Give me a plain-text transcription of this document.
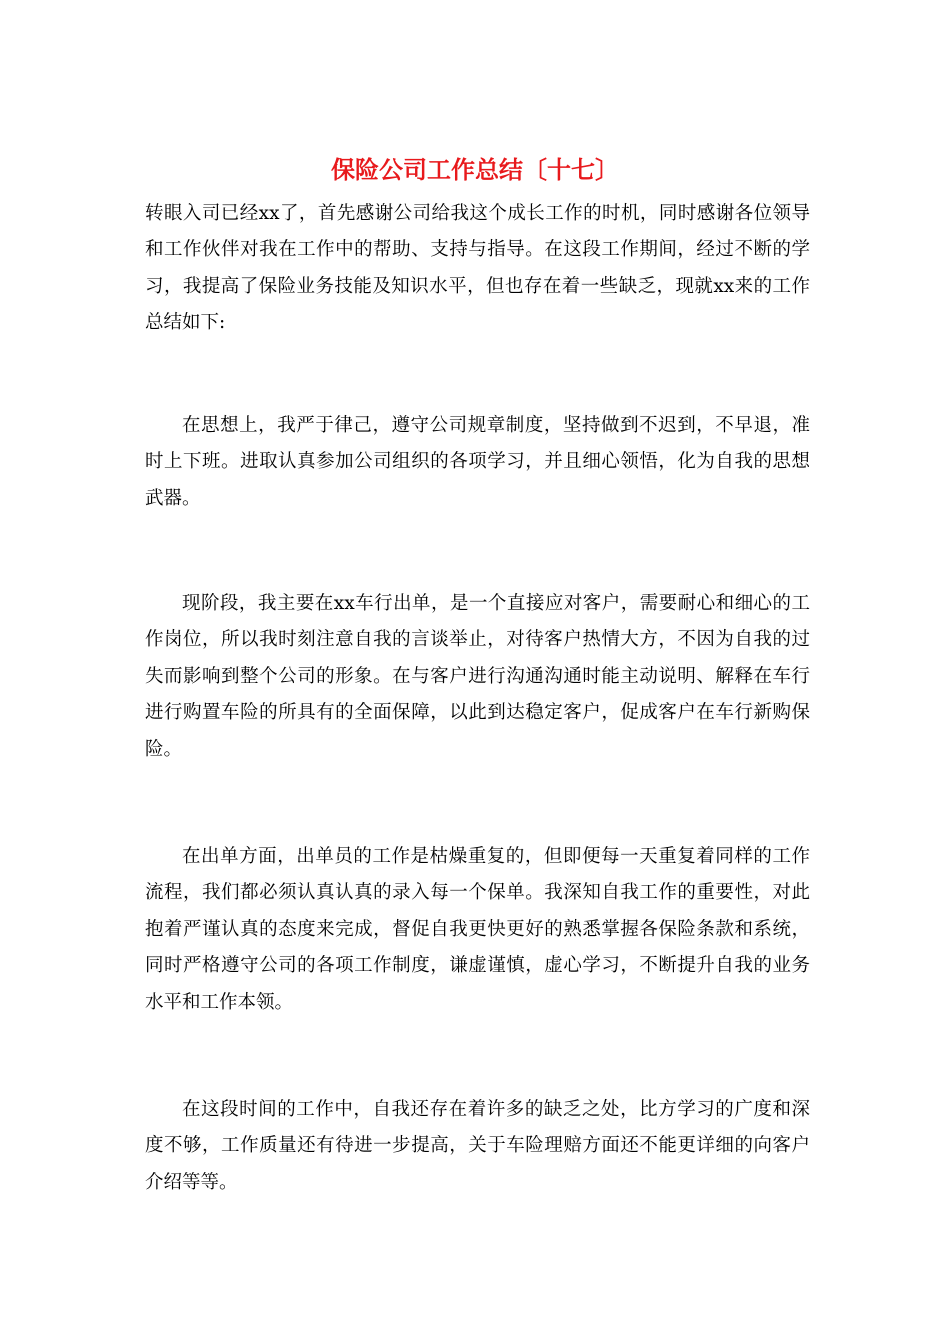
保险公司工作总结〔十七〕

转眼入司已经xx了，首先感谢公司给我这个成长工作的时机，同时感谢各位领导和工作伙伴对我在工作中的帮助、支持与指导。在这段工作期间，经过不断的学习，我提高了保险业务技能及知识水平，但也存在着一些缺乏，现就xx来的工作总结如下:

在思想上，我严于律己，遵守公司规章制度，坚持做到不迟到，不早退，准时上下班。进取认真参加公司组织的各项学习，并且细心领悟，化为自我的思想武器。

现阶段，我主要在xx车行出单，是一个直接应对客户，需要耐心和细心的工作岗位，所以我时刻注意自我的言谈举止，对待客户热情大方，不因为自我的过失而影响到整个公司的形象。在与客户进行沟通沟通时能主动说明、解释在车行进行购置车险的所具有的全面保障，以此到达稳定客户，促成客户在车行新购保险。

在出单方面，出单员的工作是枯燥重复的，但即便每一天重复着同样的工作流程，我们都必须认真认真的录入每一个保单。我深知自我工作的重要性，对此抱着严谨认真的态度来完成，督促自我更快更好的熟悉掌握各保险条款和系统，同时严格遵守公司的各项工作制度，谦虚谨慎，虚心学习，不断提升自我的业务水平和工作本领。

在这段时间的工作中，自我还存在着许多的缺乏之处，比方学习的广度和深度不够，工作质量还有待进一步提高，关于车险理赔方面还不能更详细的向客户介绍等等。
